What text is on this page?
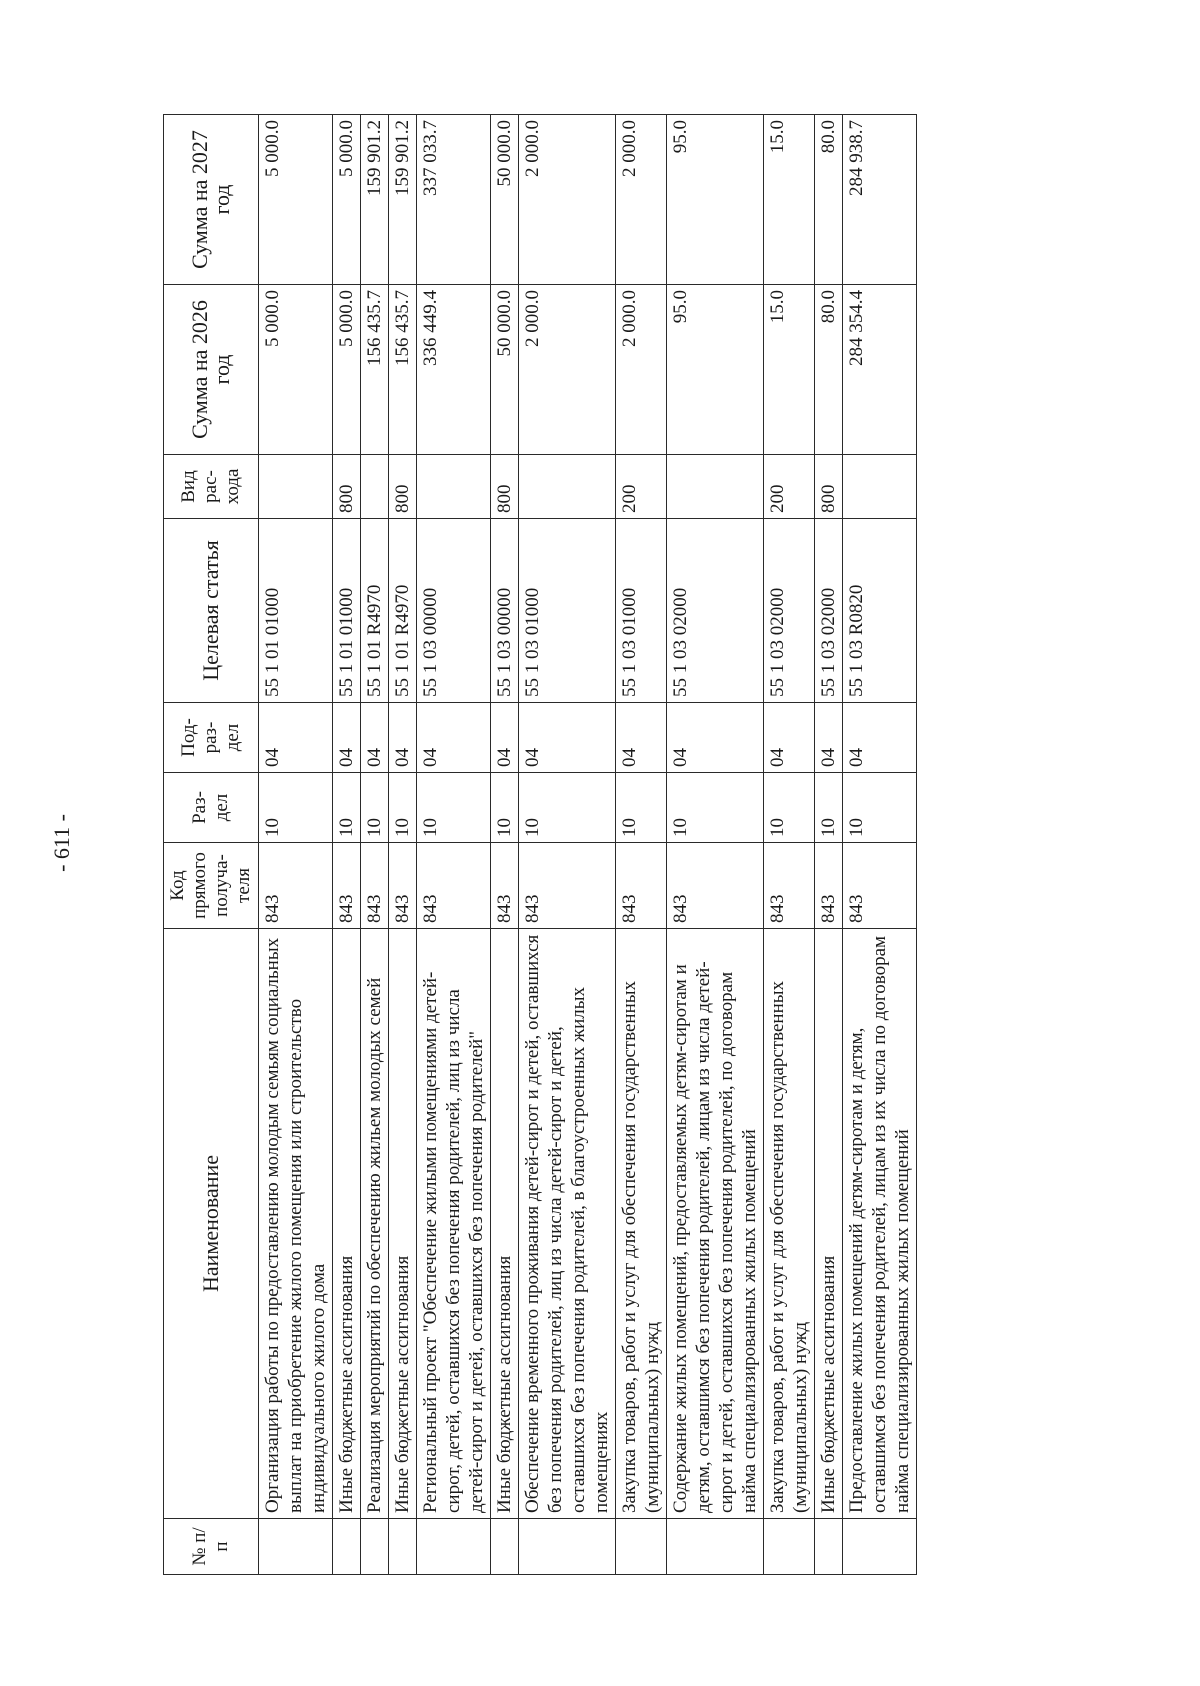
- 611 -
№ п/п	Наименование	Код прямого получа-теля	Раз-дел	Под-раз-дел	Целевая статья	Вид рас-хода	Сумма на 2026 год	Сумма на 2027 год
	Организация работы по предоставлению молодым семьям социальных выплат на приобретение жилого помещения или строительство индивидуального жилого дома	843	10	04	55 1 01 01000		5 000.0	5 000.0
	Иные бюджетные ассигнования	843	10	04	55 1 01 01000	800	5 000.0	5 000.0
	Реализация мероприятий по обеспечению жильем молодых семей	843	10	04	55 1 01 R4970		156 435.7	159 901.2
	Иные бюджетные ассигнования	843	10	04	55 1 01 R4970	800	156 435.7	159 901.2
	Региональный проект "Обеспечение жилыми помещениями детей-сирот, детей, оставшихся без попечения родителей, лиц из числа детей-сирот и детей, оставшихся без попечения родителей"	843	10	04	55 1 03 00000		336 449.4	337 033.7
	Иные бюджетные ассигнования	843	10	04	55 1 03 00000	800	50 000.0	50 000.0
	Обеспечение временного проживания детей-сирот и детей, оставшихся без попечения родителей, лиц из числа детей-сирот и детей, оставшихся без попечения родителей, в благоустроенных жилых помещениях	843	10	04	55 1 03 01000		2 000.0	2 000.0
	Закупка товаров, работ и услуг для обеспечения государственных (муниципальных) нужд	843	10	04	55 1 03 01000	200	2 000.0	2 000.0
	Содержание жилых помещений, предоставляемых детям-сиротам и детям, оставшимся без попечения родителей, лицам из числа детей-сирот и детей, оставшихся без попечения родителей, по договорам найма специализированных жилых помещений	843	10	04	55 1 03 02000		95.0	95.0
	Закупка товаров, работ и услуг для обеспечения государственных (муниципальных) нужд	843	10	04	55 1 03 02000	200	15.0	15.0
	Иные бюджетные ассигнования	843	10	04	55 1 03 02000	800	80.0	80.0
	Предоставление жилых помещений детям-сиротам и детям, оставшимся без попечения родителей, лицам из их числа по договорам найма специализированных жилых помещений	843	10	04	55 1 03 R0820		284 354.4	284 938.7
